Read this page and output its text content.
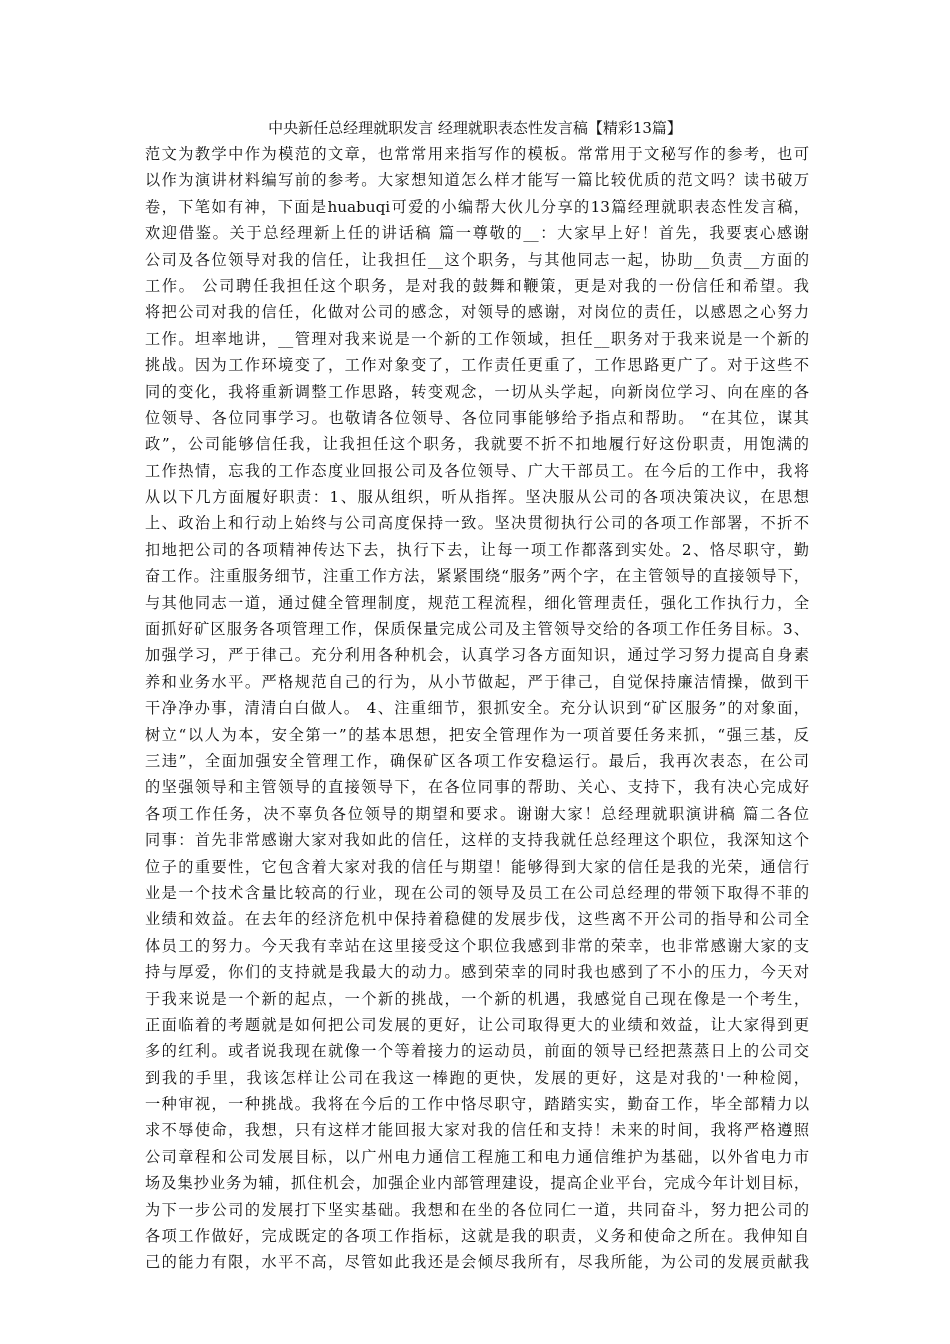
中央新任总经理就职发言 经理就职表态性发言稿【精彩13篇】
范文为教学中作为模范的文章，也常常用来指写作的模板。常常用于文秘写作的参考，也可
以作为演讲材料编写前的参考。大家想知道怎么样才能写一篇比较优质的范文吗？读书破万
卷，下笔如有神，下面是huabuqi可爱的小编帮大伙儿分享的13篇经理就职表态性发言稿，
欢迎借鉴。关于总经理新上任的讲话稿 篇一尊敬的__：大家早上好！首先，我要衷心感谢
公司及各位领导对我的信任，让我担任__这个职务，与其他同志一起，协助__负责__方面的
工作。 公司聘任我担任这个职务，是对我的鼓舞和鞭策，更是对我的一份信任和希望。我
将把公司对我的信任，化做对公司的感念，对领导的感谢，对岗位的责任，以感恩之心努力
工作。坦率地讲，__管理对我来说是一个新的工作领域，担任__职务对于我来说是一个新的
挑战。因为工作环境变了，工作对象变了，工作责任更重了，工作思路更广了。对于这些不
同的变化，我将重新调整工作思路，转变观念，一切从头学起，向新岗位学习、向在座的各
位领导、各位同事学习。也敬请各位领导、各位同事能够给予指点和帮助。 “在其位，谋其
政”，公司能够信任我，让我担任这个职务，我就要不折不扣地履行好这份职责，用饱满的
工作热情，忘我的工作态度业回报公司及各位领导、广大干部员工。在今后的工作中，我将
从以下几方面履好职责：1、服从组织，听从指挥。坚决服从公司的各项决策决议，在思想
上、政治上和行动上始终与公司高度保持一致。坚决贯彻执行公司的各项工作部署，不折不
扣地把公司的各项精神传达下去，执行下去，让每一项工作都落到实处。2、恪尽职守，勤
奋工作。注重服务细节，注重工作方法，紧紧围绕“服务”两个字，在主管领导的直接领导下，
与其他同志一道，通过健全管理制度，规范工程流程，细化管理责任，强化工作执行力，全
面抓好矿区服务各项管理工作，保质保量完成公司及主管领导交给的各项工作任务目标。3、
加强学习，严于律己。充分利用各种机会，认真学习各方面知识，通过学习努力提高自身素
养和业务水平。严格规范自己的行为，从小节做起，严于律己，自觉保持廉洁情操，做到干
干净净办事，清清白白做人。 4、注重细节，狠抓安全。充分认识到“矿区服务”的对象面，
树立“以人为本，安全第一”的基本思想，把安全管理作为一项首要任务来抓，“强三基，反
三违”，全面加强安全管理工作，确保矿区各项工作安稳运行。最后，我再次表态，在公司
的坚强领导和主管领导的直接领导下，在各位同事的帮助、关心、支持下，我有决心完成好
各项工作任务，决不辜负各位领导的期望和要求。谢谢大家！总经理就职演讲稿 篇二各位
同事：首先非常感谢大家对我如此的信任，这样的支持我就任总经理这个职位，我深知这个
位子的重要性，它包含着大家对我的信任与期望！能够得到大家的信任是我的光荣，通信行
业是一个技术含量比较高的行业，现在公司的领导及员工在公司总经理的带领下取得不菲的
业绩和效益。在去年的经济危机中保持着稳健的发展步伐，这些离不开公司的指导和公司全
体员工的努力。今天我有幸站在这里接受这个职位我感到非常的荣幸，也非常感谢大家的支
持与厚爱，你们的支持就是我最大的动力。感到荣幸的同时我也感到了不小的压力，今天对
于我来说是一个新的起点，一个新的挑战，一个新的机遇，我感觉自己现在像是一个考生，
正面临着的考题就是如何把公司发展的更好，让公司取得更大的业绩和效益，让大家得到更
多的红利。或者说我现在就像一个等着接力的运动员，前面的领导已经把蒸蒸日上的公司交
到我的手里，我该怎样让公司在我这一棒跑的更快，发展的更好，这是对我的'一种检阅，
一种审视，一种挑战。我将在今后的工作中恪尽职守，踏踏实实，勤奋工作，毕全部精力以
求不辱使命，我想，只有这样才能回报大家对我的信任和支持！未来的时间，我将严格遵照
公司章程和公司发展目标，以广州电力通信工程施工和电力通信维护为基础，以外省电力市
场及集抄业务为辅，抓住机会，加强企业内部管理建设，提高企业平台，完成今年计划目标，
为下一步公司的发展打下坚实基础。我想和在坐的各位同仁一道，共同奋斗，努力把公司的
各项工作做好，完成既定的各项工作指标，这就是我的职责，义务和使命之所在。我伸知自
己的能力有限，水平不高，尽管如此我还是会倾尽我所有，尽我所能，为公司的发展贡献我
